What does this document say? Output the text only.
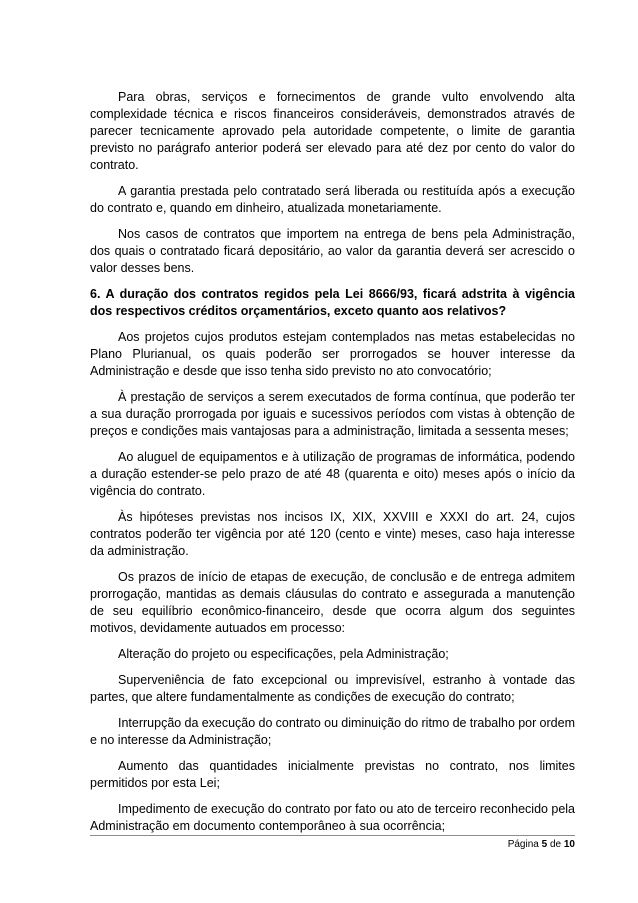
Para obras, serviços e fornecimentos de grande vulto envolvendo alta
complexidade técnica e riscos financeiros consideráveis, demonstrados através de
parecer tecnicamente aprovado pela autoridade competente, o limite de garantia
previsto no parágrafo anterior poderá ser elevado para até dez por cento do valor do
contrato.
A garantia prestada pelo contratado será liberada ou restituída após a execução
do contrato e, quando em dinheiro, atualizada monetariamente.
Nos casos de contratos que importem na entrega de bens pela Administração,
dos quais o contratado ficará depositário, ao valor da garantia deverá ser acrescido o
valor desses bens.
6. A duração dos contratos regidos pela Lei 8666/93, ficará adstrita à vigência
dos respectivos créditos orçamentários, exceto quanto aos relativos?
Aos projetos cujos produtos estejam contemplados nas metas estabelecidas no
Plano Plurianual, os quais poderão ser prorrogados se houver interesse da
Administração e desde que isso tenha sido previsto no ato convocatório;
À prestação de serviços a serem executados de forma contínua, que poderão ter
a sua duração prorrogada por iguais e sucessivos períodos com vistas à obtenção de
preços e condições mais vantajosas para a administração, limitada a sessenta meses;
Ao aluguel de equipamentos e à utilização de programas de informática, podendo
a duração estender-se pelo prazo de até 48 (quarenta e oito) meses após o início da
vigência do contrato.
Às hipóteses previstas nos incisos IX, XIX, XXVIII e XXXI do art. 24, cujos
contratos poderão ter vigência por até 120 (cento e vinte) meses, caso haja interesse
da administração.
Os prazos de início de etapas de execução, de conclusão e de entrega admitem
prorrogação, mantidas as demais cláusulas do contrato e assegurada a manutenção
de seu equilíbrio econômico-financeiro, desde que ocorra algum dos seguintes
motivos, devidamente autuados em processo:
Alteração do projeto ou especificações, pela Administração;
Superveniência de fato excepcional ou imprevisível, estranho à vontade das
partes, que altere fundamentalmente as condições de execução do contrato;
Interrupção da execução do contrato ou diminuição do ritmo de trabalho por ordem
e no interesse da Administração;
Aumento das quantidades inicialmente previstas no contrato, nos limites
permitidos por esta Lei;
Impedimento de execução do contrato por fato ou ato de terceiro reconhecido pela
Administração em documento contemporâneo à sua ocorrência;
Página 5 de 10
